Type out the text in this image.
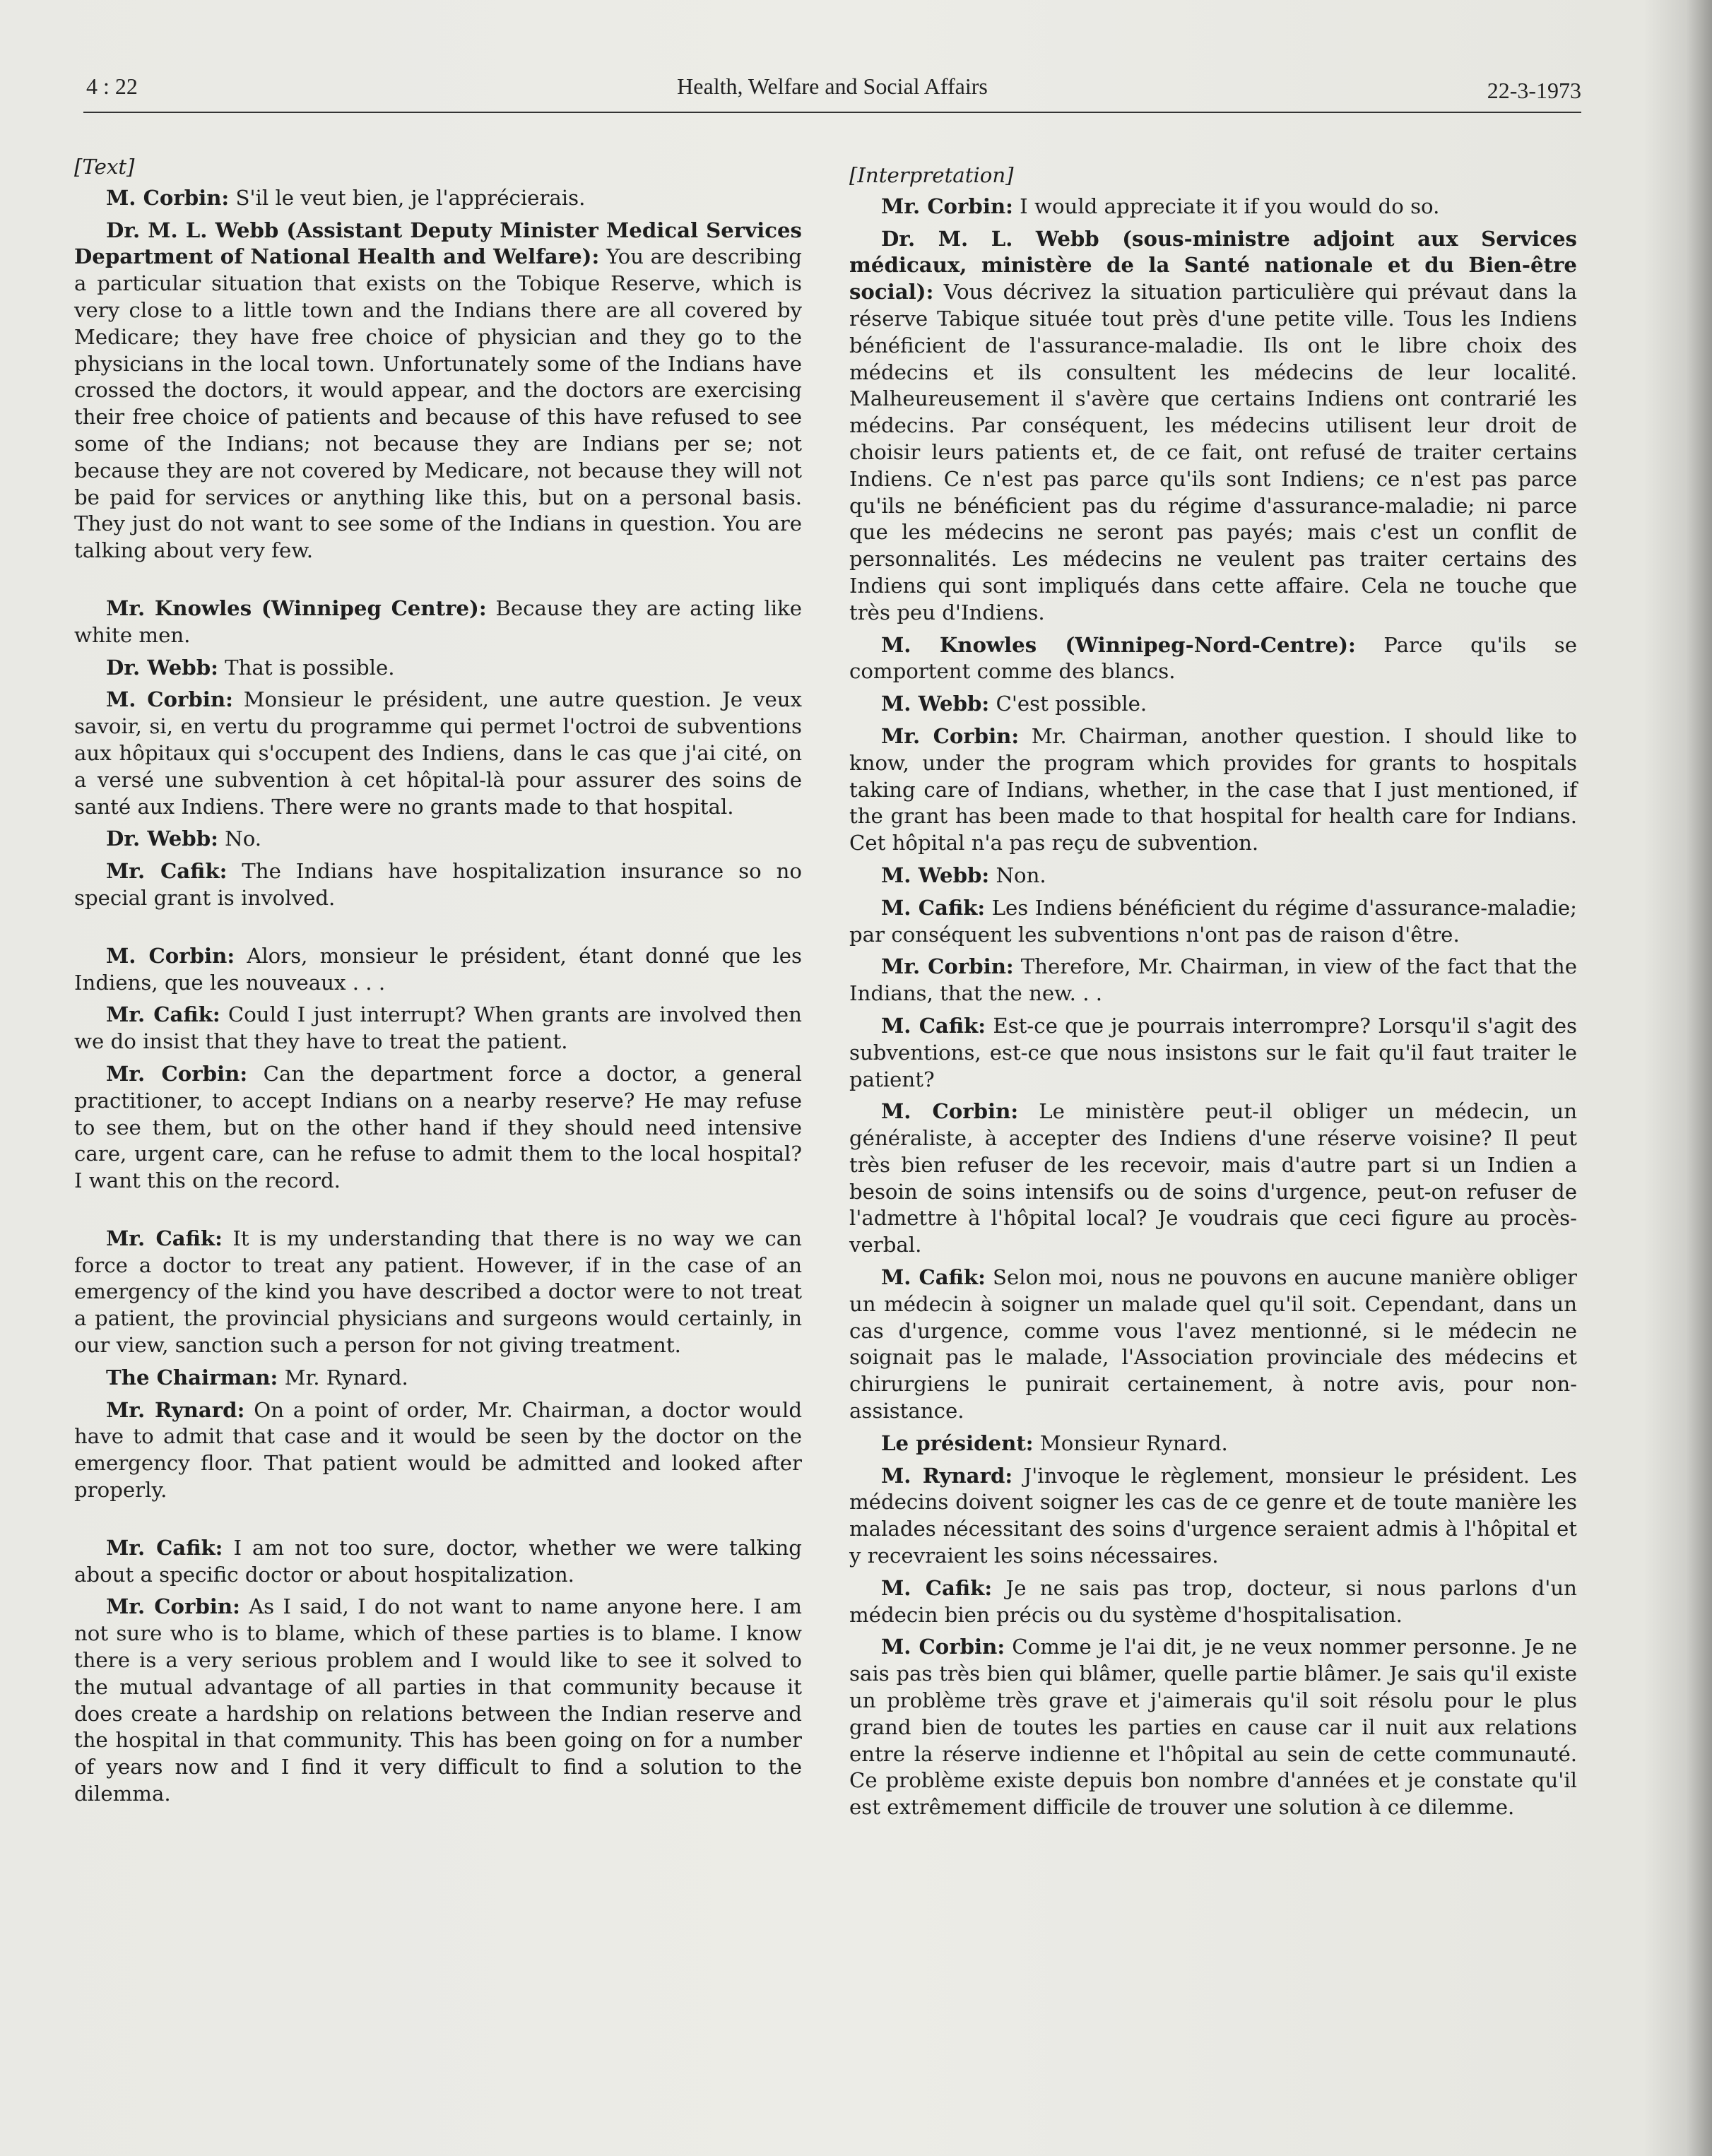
4 : 22	Health, Welfare and Social Affairs	22-3-1973

[Text]

M. Corbin: S'il le veut bien, je l'apprécierais.

Dr. M. L. Webb (Assistant Deputy Minister Medical Services Department of National Health and Welfare): You are describing a particular situation that exists on the Tobique Reserve, which is very close to a little town and the Indians there are all covered by Medicare; they have free choice of physician and they go to the physicians in the local town. Unfortunately some of the Indians have crossed the doctors, it would appear, and the doctors are exercising their free choice of patients and because of this have refused to see some of the Indians; not because they are Indians per se; not because they are not covered by Medicare, not because they will not be paid for services or anything like this, but on a personal basis. They just do not want to see some of the Indians in question. You are talking about very few.

Mr. Knowles (Winnipeg Centre): Because they are acting like white men.

Dr. Webb: That is possible.

M. Corbin: Monsieur le président, une autre question. Je veux savoir, si, en vertu du programme qui permet l'octroi de subventions aux hôpitaux qui s'occupent des Indiens, dans le cas que j'ai cité, on a versé une subvention à cet hôpital-là pour assurer des soins de santé aux Indiens. There were no grants made to that hospital.

Dr. Webb: No.

Mr. Cafik: The Indians have hospitalization insurance so no special grant is involved.

M. Corbin: Alors, monsieur le président, étant donné que les Indiens, que les nouveaux . . .

Mr. Cafik: Could I just interrupt? When grants are involved then we do insist that they have to treat the patient.

Mr. Corbin: Can the department force a doctor, a general practitioner, to accept Indians on a nearby reserve? He may refuse to see them, but on the other hand if they should need intensive care, urgent care, can he refuse to admit them to the local hospital? I want this on the record.

Mr. Cafik: It is my understanding that there is no way we can force a doctor to treat any patient. However, if in the case of an emergency of the kind you have described a doctor were to not treat a patient, the provincial physicians and surgeons would certainly, in our view, sanction such a person for not giving treatment.

The Chairman: Mr. Rynard.

Mr. Rynard: On a point of order, Mr. Chairman, a doctor would have to admit that case and it would be seen by the doctor on the emergency floor. That patient would be admitted and looked after properly.

Mr. Cafik: I am not too sure, doctor, whether we were talking about a specific doctor or about hospitalization.

Mr. Corbin: As I said, I do not want to name anyone here. I am not sure who is to blame, which of these parties is to blame. I know there is a very serious problem and I would like to see it solved to the mutual advantage of all parties in that community because it does create a hardship on relations between the Indian reserve and the hospital in that community. This has been going on for a number of years now and I find it very difficult to find a solution to the dilemma.

[Interpretation]

Mr. Corbin: I would appreciate it if you would do so.

Dr. M. L. Webb (sous-ministre adjoint aux Services médicaux, ministère de la Santé nationale et du Bien-être social): Vous décrivez la situation particulière qui prévaut dans la réserve Tabique située tout près d'une petite ville. Tous les Indiens bénéficient de l'assurance-maladie. Ils ont le libre choix des médecins et ils consultent les médecins de leur localité. Malheureusement il s'avère que certains Indiens ont contrarié les médecins. Par conséquent, les médecins utilisent leur droit de choisir leurs patients et, de ce fait, ont refusé de traiter certains Indiens. Ce n'est pas parce qu'ils sont Indiens; ce n'est pas parce qu'ils ne bénéficient pas du régime d'assurance-maladie; ni parce que les médecins ne seront pas payés; mais c'est un conflit de personnalités. Les médecins ne veulent pas traiter certains des Indiens qui sont impliqués dans cette affaire. Cela ne touche que très peu d'Indiens.

M. Knowles (Winnipeg-Nord-Centre): Parce qu'ils se comportent comme des blancs.

M. Webb: C'est possible.

Mr. Corbin: Mr. Chairman, another question. I should like to know, under the program which provides for grants to hospitals taking care of Indians, whether, in the case that I just mentioned, if the grant has been made to that hospital for health care for Indians. Cet hôpital n'a pas reçu de subvention.

M. Webb: Non.

M. Cafik: Les Indiens bénéficient du régime d'assurance-maladie; par conséquent les subventions n'ont pas de raison d'être.

Mr. Corbin: Therefore, Mr. Chairman, in view of the fact that the Indians, that the new. . .

M. Cafik: Est-ce que je pourrais interrompre? Lorsqu'il s'agit des subventions, est-ce que nous insistons sur le fait qu'il faut traiter le patient?

M. Corbin: Le ministère peut-il obliger un médecin, un généraliste, à accepter des Indiens d'une réserve voisine? Il peut très bien refuser de les recevoir, mais d'autre part si un Indien a besoin de soins intensifs ou de soins d'urgence, peut-on refuser de l'admettre à l'hôpital local? Je voudrais que ceci figure au procès-verbal.

M. Cafik: Selon moi, nous ne pouvons en aucune manière obliger un médecin à soigner un malade quel qu'il soit. Cependant, dans un cas d'urgence, comme vous l'avez mentionné, si le médecin ne soignait pas le malade, l'Association provinciale des médecins et chirurgiens le punirait certainement, à notre avis, pour non-assistance.

Le président: Monsieur Rynard.

M. Rynard: J'invoque le règlement, monsieur le président. Les médecins doivent soigner les cas de ce genre et de toute manière les malades nécessitant des soins d'urgence seraient admis à l'hôpital et y recevraient les soins nécessaires.

M. Cafik: Je ne sais pas trop, docteur, si nous parlons d'un médecin bien précis ou du système d'hospitalisation.

M. Corbin: Comme je l'ai dit, je ne veux nommer personne. Je ne sais pas très bien qui blâmer, quelle partie blâmer. Je sais qu'il existe un problème très grave et j'aimerais qu'il soit résolu pour le plus grand bien de toutes les parties en cause car il nuit aux relations entre la réserve indienne et l'hôpital au sein de cette communauté. Ce problème existe depuis bon nombre d'années et je constate qu'il est extrêmement difficile de trouver une solution à ce dilemme.
